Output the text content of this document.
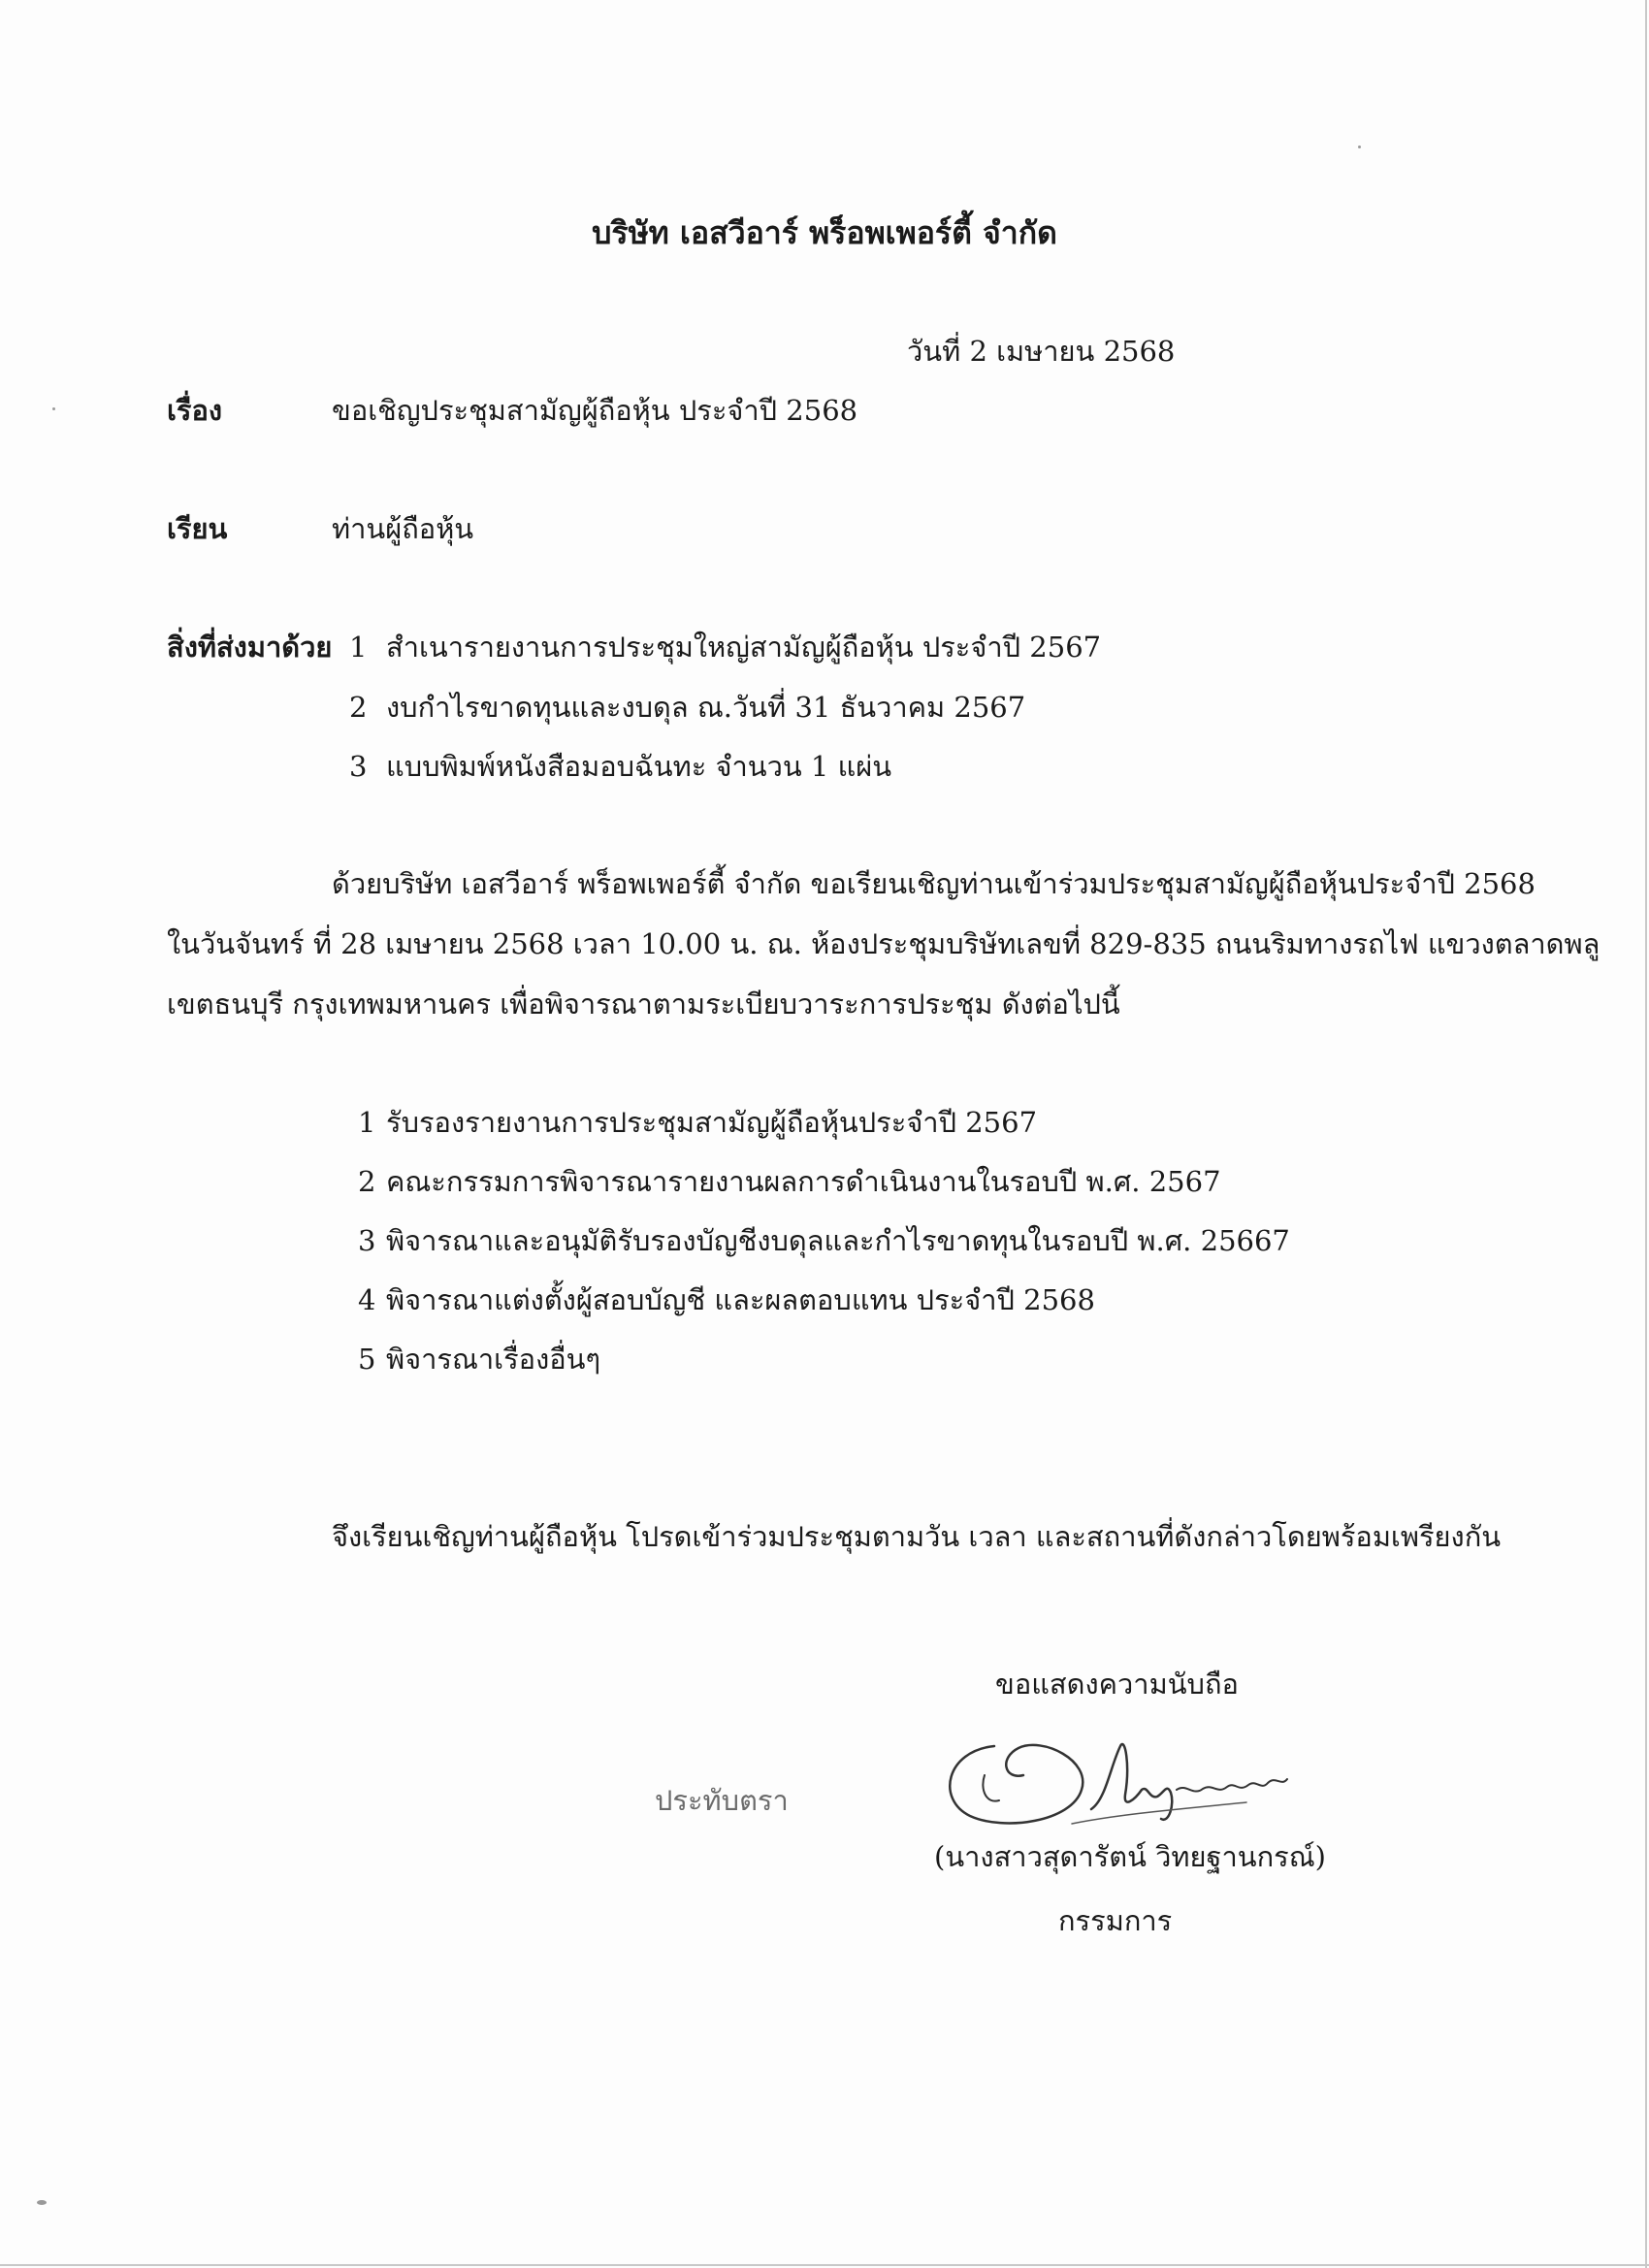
บริษัท เอสวีอาร์ พร็อพเพอร์ตี้ จำกัด
วันที่ 2 เมษายน 2568
เรื่อง	ขอเชิญประชุมสามัญผู้ถือหุ้น ประจำปี 2568
เรียน	ท่านผู้ถือหุ้น
สิ่งที่ส่งมาด้วย 1 สำเนารายงานการประชุมใหญ่สามัญผู้ถือหุ้น ประจำปี 2567
2 งบกำไรขาดทุนและงบดุล ณ.วันที่ 31 ธันวาคม 2567
3 แบบพิมพ์หนังสือมอบฉันทะ จำนวน 1 แผ่น
ด้วยบริษัท เอสวีอาร์ พร็อพเพอร์ตี้ จำกัด ขอเรียนเชิญท่านเข้าร่วมประชุมสามัญผู้ถือหุ้นประจำปี 2568
ในวันจันทร์ ที่ 28 เมษายน 2568 เวลา 10.00 น. ณ. ห้องประชุมบริษัทเลขที่ 829-835 ถนนริมทางรถไฟ แขวงตลาดพลู
เขตธนบุรี กรุงเทพมหานคร เพื่อพิจารณาตามระเบียบวาระการประชุม ดังต่อไปนี้
1 รับรองรายงานการประชุมสามัญผู้ถือหุ้นประจำปี 2567
2 คณะกรรมการพิจารณารายงานผลการดำเนินงานในรอบปี พ.ศ. 2567
3 พิจารณาและอนุมัติรับรองบัญชีงบดุลและกำไรขาดทุนในรอบปี พ.ศ. 25667
4 พิจารณาแต่งตั้งผู้สอบบัญชี และผลตอบแทน ประจำปี 2568
5 พิจารณาเรื่องอื่นๆ
จึงเรียนเชิญท่านผู้ถือหุ้น โปรดเข้าร่วมประชุมตามวัน เวลา และสถานที่ดังกล่าวโดยพร้อมเพรียงกัน
ขอแสดงความนับถือ
ประทับตรา
(นางสาวสุดารัตน์ วิทยฐานกรณ์)
กรรมการ
